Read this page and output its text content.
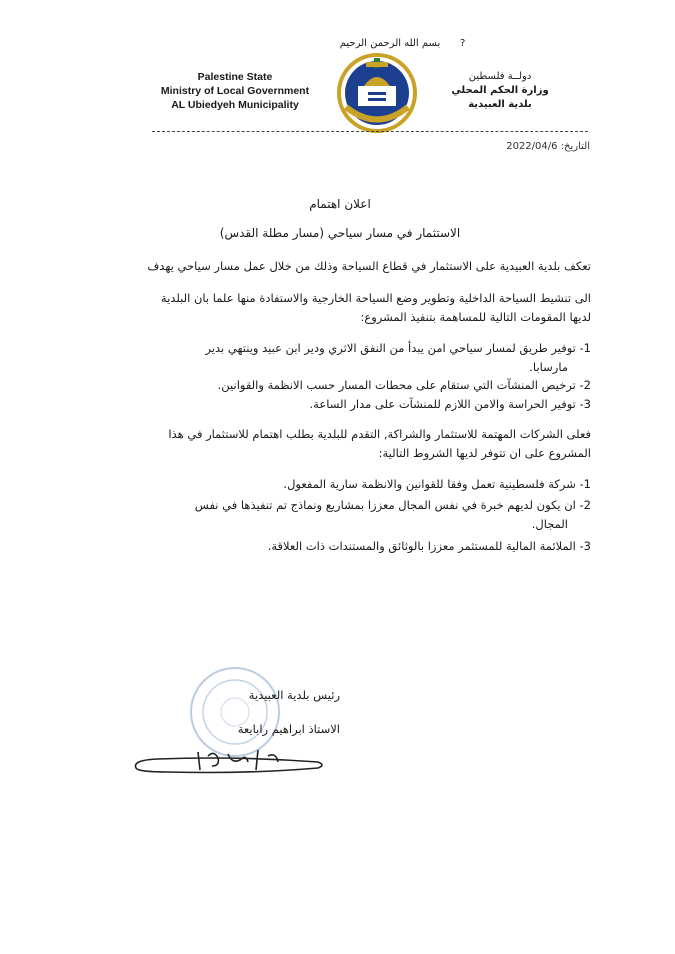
بسم الله الرحمن الرحيم	?
Palestine State
Ministry of Local Government
AL Ubiedyeh Municipality
دولــة فلسطين
وزارة الحكم المحلي
بلدية العبيدية
التاريخ: 2022/04/6
اعلان اهتمام
الاستثمار في مسار سياحي (مسار مطلة القدس)
تعكف بلدية العبيدية على الاستثمار في قطاع السياحة وذلك من خلال عمل مسار سياحي يهدف
الى تنشيط السياحة الداخلية وتطوير وضع السياحة الخارجية والاستفادة منها علما بان البلدية
لديها المقومات التالية للمساهمة بتنفيذ المشروع:
1- توفير طريق لمسار سياحي امن يبدأ من النفق الاثري ودير ابن عبيد وينتهي بدير
مارسابا.
2- ترخيص المنشآت التي ستقام على محطات المسار حسب الانظمة والقوانين.
3- توفير الحراسة والامن اللازم للمنشآت على مدار الساعة.
فعلى الشركات المهتمة للاستثمار والشراكة, التقدم للبلدية بطلب اهتمام للاستثمار في هذا
المشروع على ان تتوفر لديها الشروط التالية:
1- شركة فلسطينية تعمل وفقا للقوانين والانظمة سارية المفعول.
2- ان يكون لديهم خبرة في نفس المجال معززا بمشاريع ونماذج تم تنفيذها في نفس
المجال.
3- الملائمة المالية للمستثمر معززا بالوثائق والمستندات ذات العلاقة.
رئيس بلدية العبيدية
الاستاذ ابراهيم رابايعة
